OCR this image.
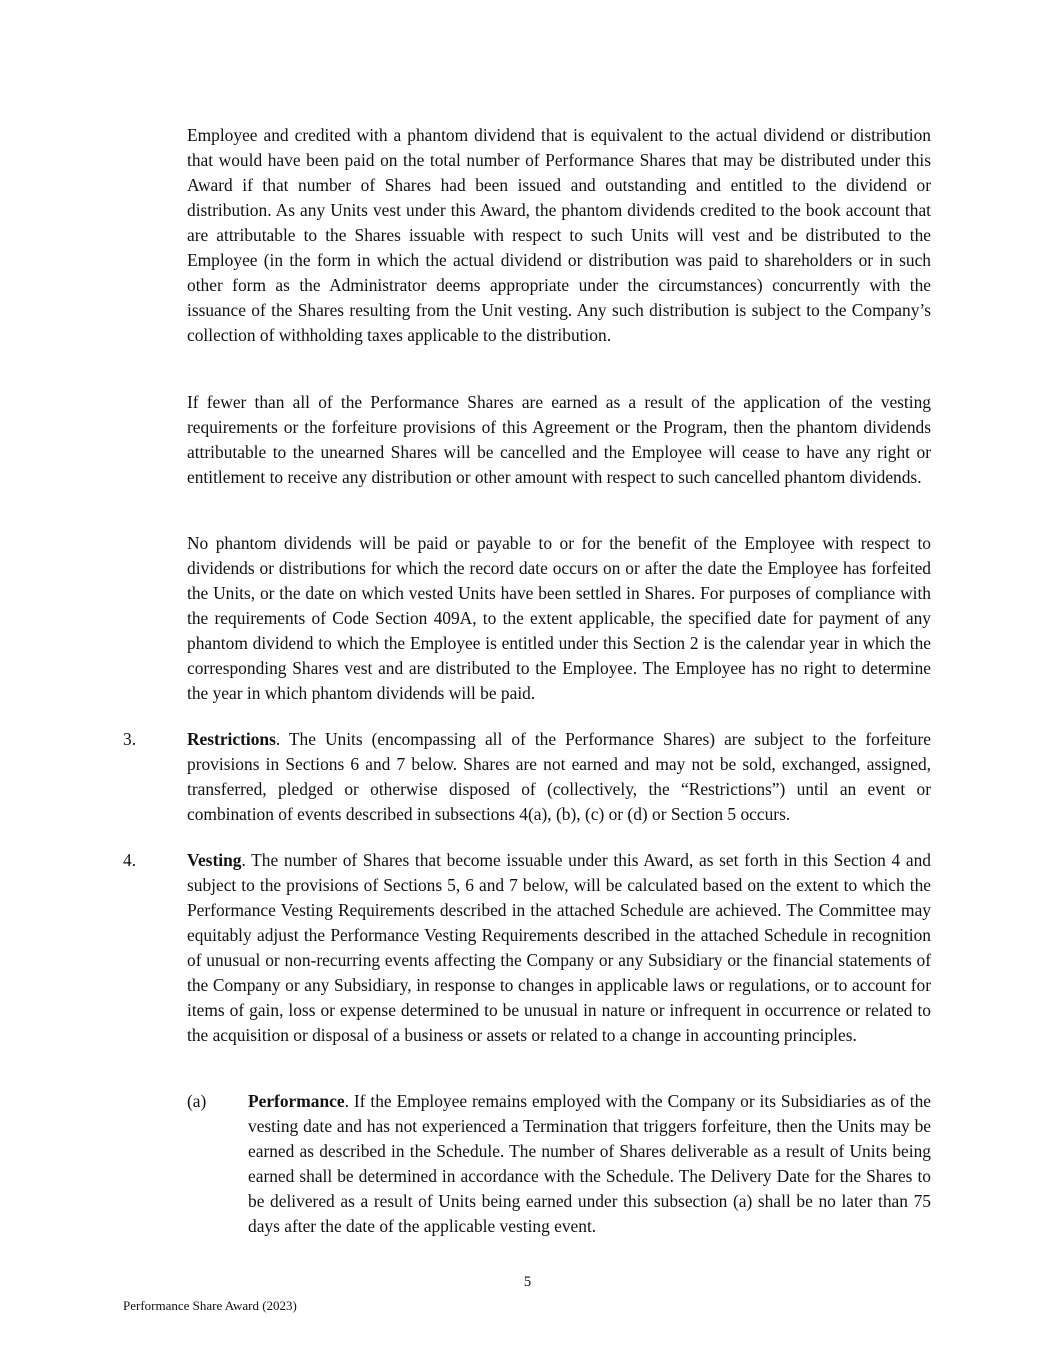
Employee and credited with a phantom dividend that is equivalent to the actual dividend or distribution that would have been paid on the total number of Performance Shares that may be distributed under this Award if that number of Shares had been issued and outstanding and entitled to the dividend or distribution. As any Units vest under this Award, the phantom dividends credited to the book account that are attributable to the Shares issuable with respect to such Units will vest and be distributed to the Employee (in the form in which the actual dividend or distribution was paid to shareholders or in such other form as the Administrator deems appropriate under the circumstances) concurrently with the issuance of the Shares resulting from the Unit vesting. Any such distribution is subject to the Company’s collection of withholding taxes applicable to the distribution.

If fewer than all of the Performance Shares are earned as a result of the application of the vesting requirements or the forfeiture provisions of this Agreement or the Program, then the phantom dividends attributable to the unearned Shares will be cancelled and the Employee will cease to have any right or entitlement to receive any distribution or other amount with respect to such cancelled phantom dividends.

No phantom dividends will be paid or payable to or for the benefit of the Employee with respect to dividends or distributions for which the record date occurs on or after the date the Employee has forfeited the Units, or the date on which vested Units have been settled in Shares. For purposes of compliance with the requirements of Code Section 409A, to the extent applicable, the specified date for payment of any phantom dividend to which the Employee is entitled under this Section 2 is the calendar year in which the corresponding Shares vest and are distributed to the Employee. The Employee has no right to determine the year in which phantom dividends will be paid.

3.	Restrictions. The Units (encompassing all of the Performance Shares) are subject to the forfeiture provisions in Sections 6 and 7 below. Shares are not earned and may not be sold, exchanged, assigned, transferred, pledged or otherwise disposed of (collectively, the “Restrictions”) until an event or combination of events described in subsections 4(a), (b), (c) or (d) or Section 5 occurs.

4.	Vesting. The number of Shares that become issuable under this Award, as set forth in this Section 4 and subject to the provisions of Sections 5, 6 and 7 below, will be calculated based on the extent to which the Performance Vesting Requirements described in the attached Schedule are achieved. The Committee may equitably adjust the Performance Vesting Requirements described in the attached Schedule in recognition of unusual or non-recurring events affecting the Company or any Subsidiary or the financial statements of the Company or any Subsidiary, in response to changes in applicable laws or regulations, or to account for items of gain, loss or expense determined to be unusual in nature or infrequent in occurrence or related to the acquisition or disposal of a business or assets or related to a change in accounting principles.

(a) Performance. If the Employee remains employed with the Company or its Subsidiaries as of the vesting date and has not experienced a Termination that triggers forfeiture, then the Units may be earned as described in the Schedule. The number of Shares deliverable as a result of Units being earned shall be determined in accordance with the Schedule. The Delivery Date for the Shares to be delivered as a result of Units being earned under this subsection (a) shall be no later than 75 days after the date of the applicable vesting event.

5
Performance Share Award (2023)
